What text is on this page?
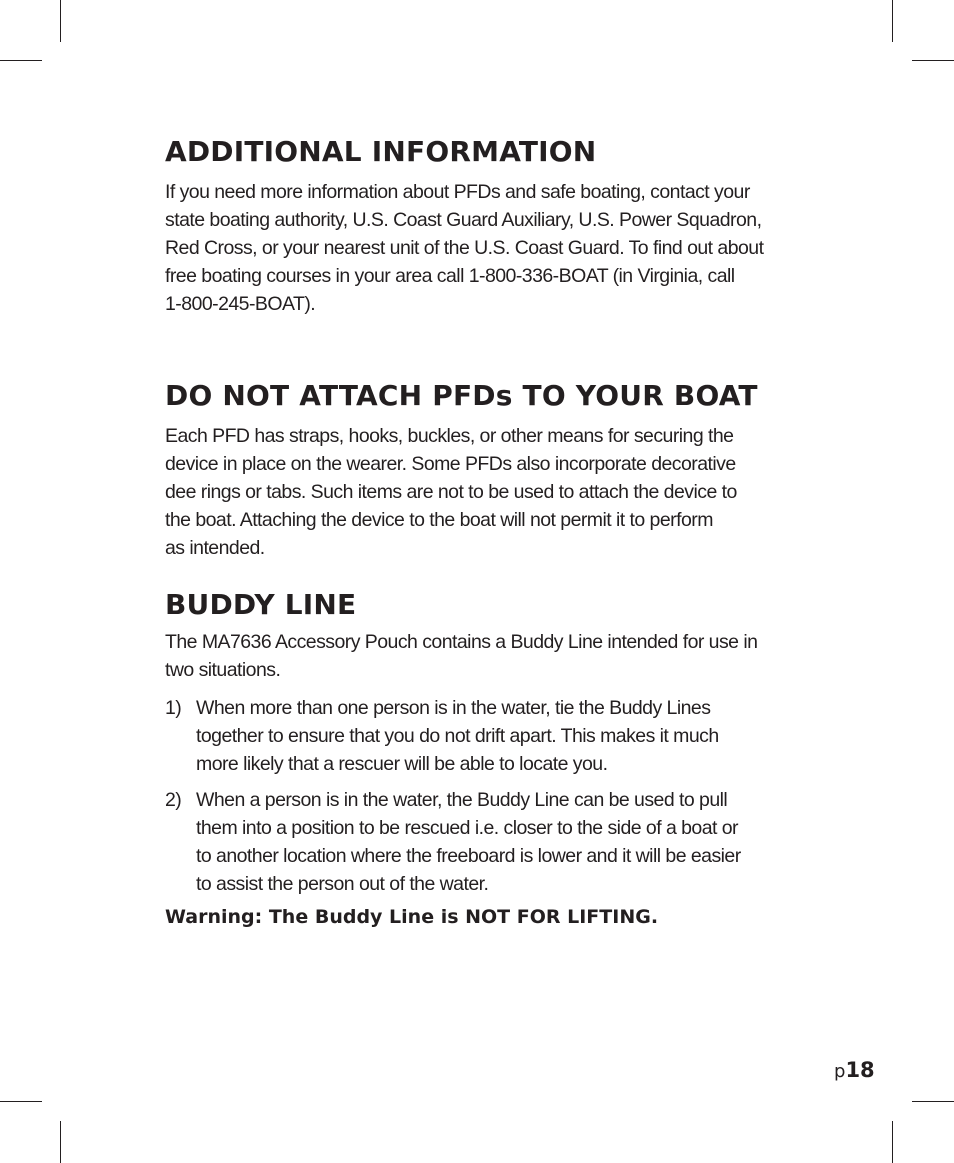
ADDITIONAL INFORMATION

If you need more information about PFDs and safe boating, contact your
state boating authority, U.S. Coast Guard Auxiliary, U.S. Power Squadron,
Red Cross, or your nearest unit of the U.S. Coast Guard. To find out about
free boating courses in your area call 1-800-336-BOAT (in Virginia, call
1-800-245-BOAT).

DO NOT ATTACH PFDs TO YOUR BOAT

Each PFD has straps, hooks, buckles, or other means for securing the
device in place on the wearer. Some PFDs also incorporate decorative
dee rings or tabs. Such items are not to be used to attach the device to
the boat. Attaching the device to the boat will not permit it to perform
as intended.

BUDDY LINE

The MA7636 Accessory Pouch contains a Buddy Line intended for use in
two situations.

1) When more than one person is in the water, tie the Buddy Lines
together to ensure that you do not drift apart. This makes it much
more likely that a rescuer will be able to locate you.

2) When a person is in the water, the Buddy Line can be used to pull
them into a position to be rescued i.e. closer to the side of a boat or
to another location where the freeboard is lower and it will be easier
to assist the person out of the water.

Warning: The Buddy Line is NOT FOR LIFTING.

p18
